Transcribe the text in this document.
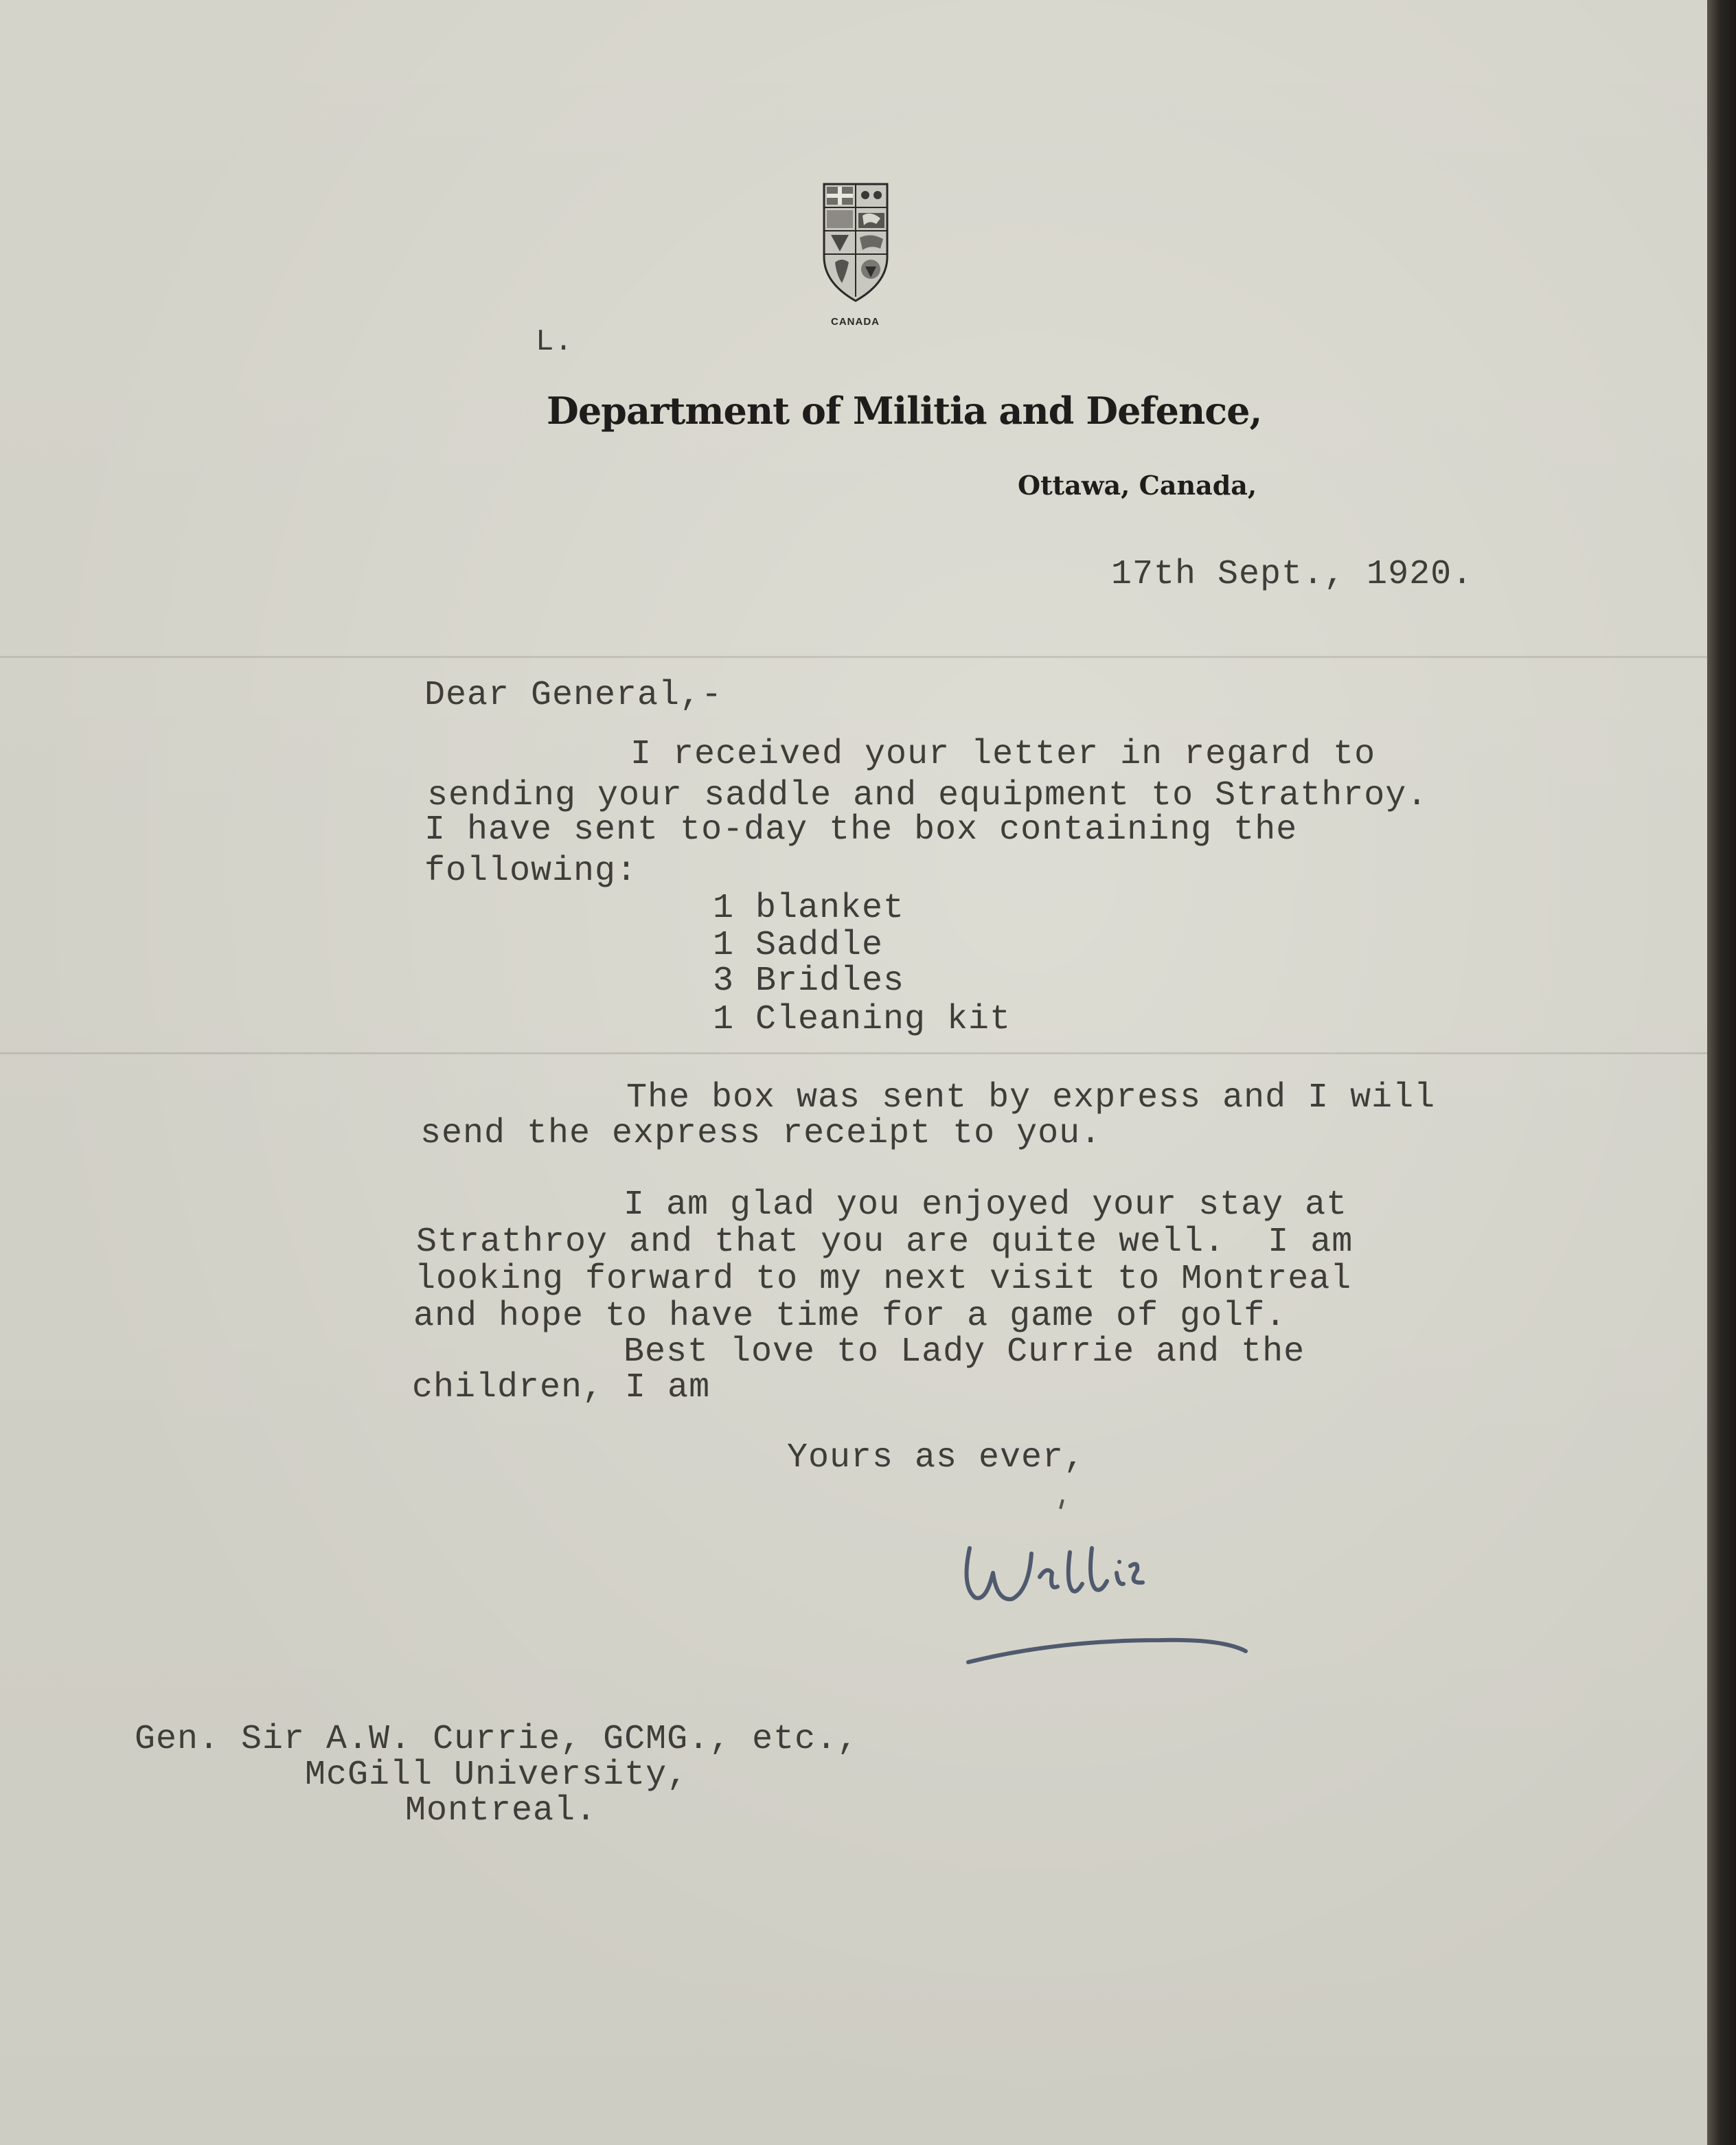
CANADA
L.
Department of Militia and Defence,
Ottawa, Canada,
17th Sept., 1920.
Dear General,-
I received your letter in regard to
sending your saddle and equipment to Strathroy.
I have sent to-day the box containing the
following:
1 blanket
1 Saddle
3 Bridles
1 Cleaning kit
The box was sent by express and I will
send the express receipt to you.
I am glad you enjoyed your stay at
Strathroy and that you are quite well.  I am
looking forward to my next visit to Montreal
and hope to have time for a game of golf.
Best love to Lady Currie and the
children, I am
Yours as ever,
Gen. Sir A.W. Currie, GCMG., etc.,
McGill University,
Montreal.
